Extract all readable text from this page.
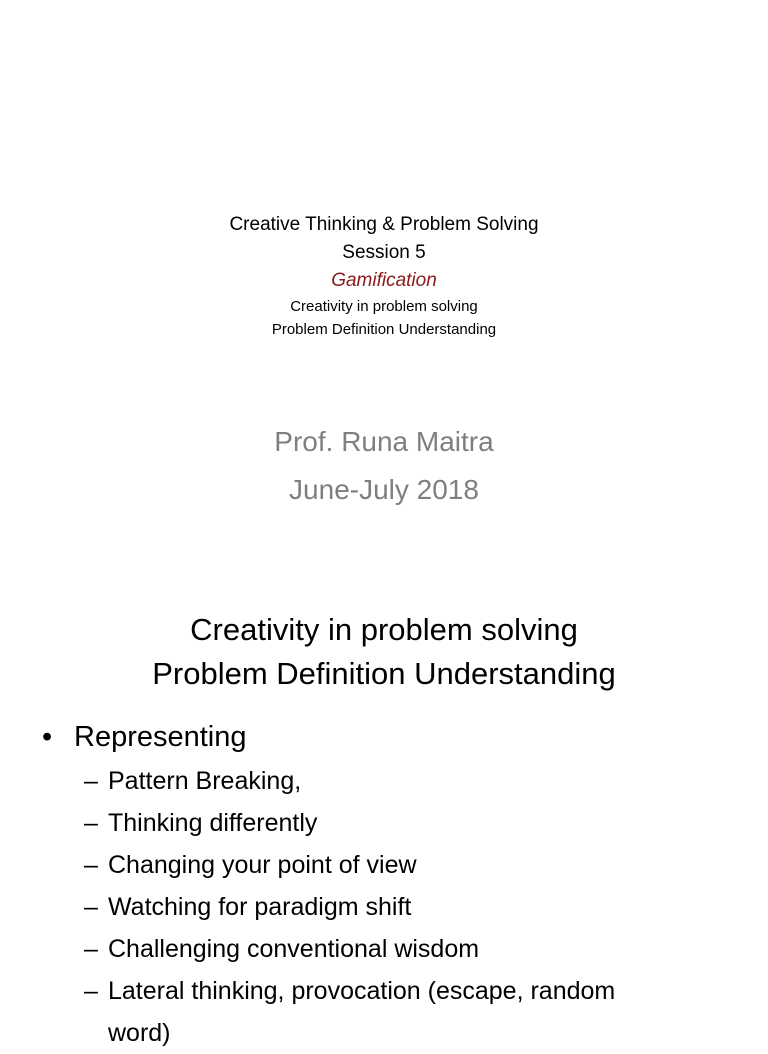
Creative Thinking & Problem Solving
Session 5
Gamification
Creativity in problem solving
Problem Definition Understanding
Prof. Runa Maitra
June-July 2018
Creativity in problem solving
Problem Definition Understanding
• Representing
– Pattern Breaking,
– Thinking differently
– Changing your point of view
– Watching for paradigm shift
– Challenging conventional wisdom
– Lateral thinking, provocation (escape, random
word)
